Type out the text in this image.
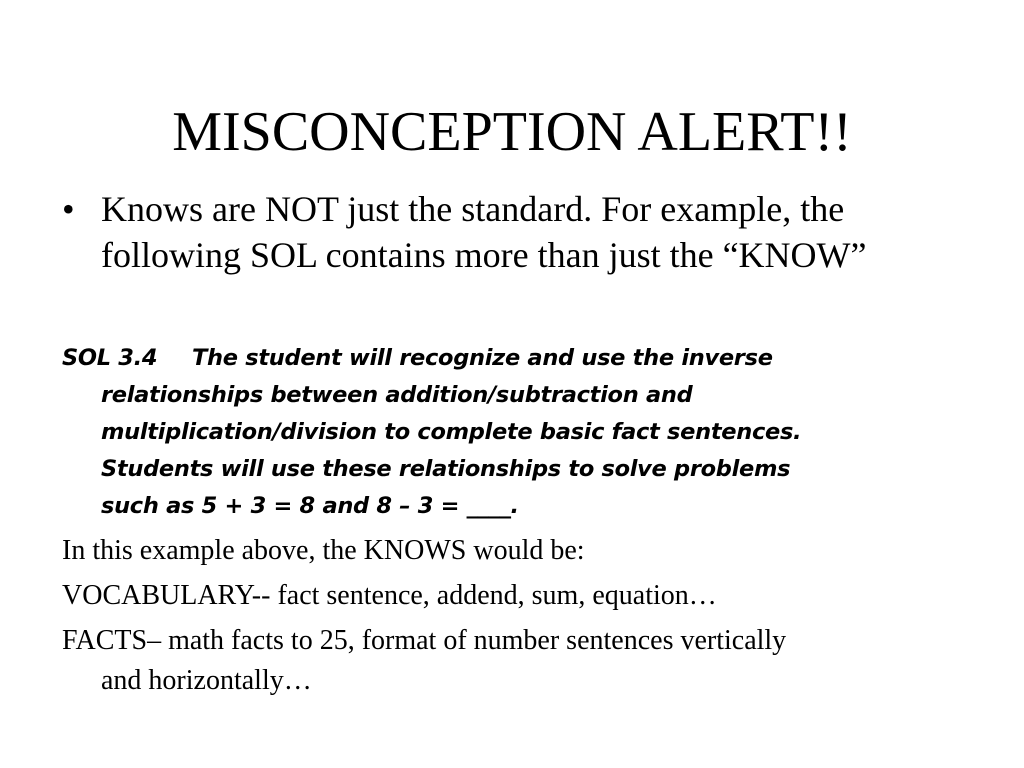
MISCONCEPTION ALERT!!
• Knows are NOT just the standard. For example, the following SOL contains more than just the “KNOW”
SOL 3.4 The student will recognize and use the inverse
relationships between addition/subtraction and
multiplication/division to complete basic fact sentences.
Students will use these relationships to solve problems
such as 5 + 3 = 8 and 8 – 3 = ____.
In this example above, the KNOWS would be:
VOCABULARY-- fact sentence, addend, sum, equation…
FACTS– math facts to 25, format of number sentences vertically
and horizontally…
